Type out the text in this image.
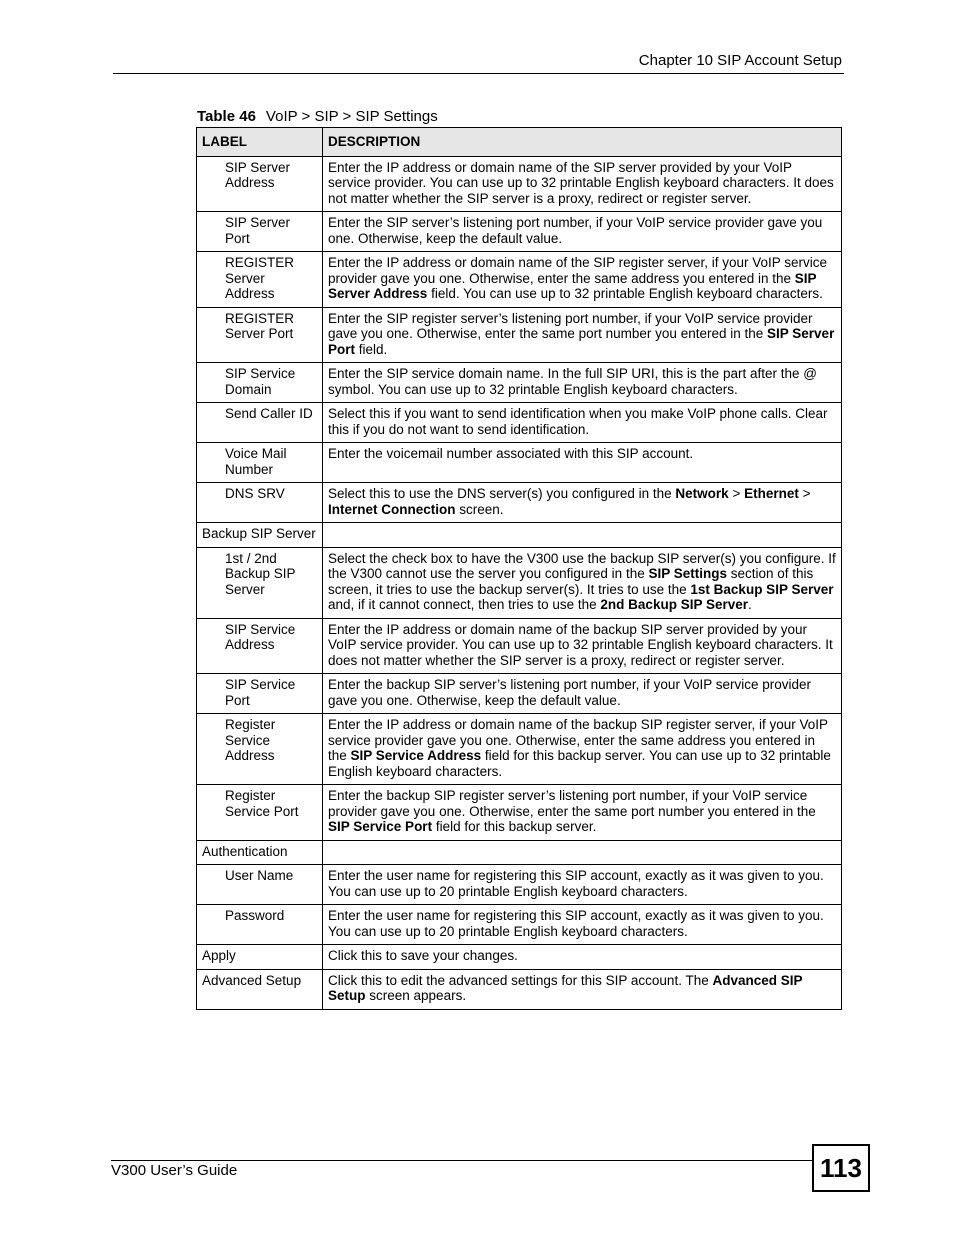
Chapter 10 SIP Account Setup
Table 46 VoIP > SIP > SIP Settings
LABEL	DESCRIPTION
SIP Server Address	Enter the IP address or domain name of the SIP server provided by your VoIP service provider. You can use up to 32 printable English keyboard characters. It does not matter whether the SIP server is a proxy, redirect or register server.
SIP Server Port	Enter the SIP server’s listening port number, if your VoIP service provider gave you one. Otherwise, keep the default value.
REGISTER Server Address	Enter the IP address or domain name of the SIP register server, if your VoIP service provider gave you one. Otherwise, enter the same address you entered in the SIP Server Address field. You can use up to 32 printable English keyboard characters.
REGISTER Server Port	Enter the SIP register server’s listening port number, if your VoIP service provider gave you one. Otherwise, enter the same port number you entered in the SIP Server Port field.
SIP Service Domain	Enter the SIP service domain name. In the full SIP URI, this is the part after the @ symbol. You can use up to 32 printable English keyboard characters.
Send Caller ID	Select this if you want to send identification when you make VoIP phone calls. Clear this if you do not want to send identification.
Voice Mail Number	Enter the voicemail number associated with this SIP account.
DNS SRV	Select this to use the DNS server(s) you configured in the Network > Ethernet > Internet Connection screen.
Backup SIP Server	
1st / 2nd Backup SIP Server	Select the check box to have the V300 use the backup SIP server(s) you configure. If the V300 cannot use the server you configured in the SIP Settings section of this screen, it tries to use the backup server(s). It tries to use the 1st Backup SIP Server and, if it cannot connect, then tries to use the 2nd Backup SIP Server.
SIP Service Address	Enter the IP address or domain name of the backup SIP server provided by your VoIP service provider. You can use up to 32 printable English keyboard characters. It does not matter whether the SIP server is a proxy, redirect or register server.
SIP Service Port	Enter the backup SIP server’s listening port number, if your VoIP service provider gave you one. Otherwise, keep the default value.
Register Service Address	Enter the IP address or domain name of the backup SIP register server, if your VoIP service provider gave you one. Otherwise, enter the same address you entered in the SIP Service Address field for this backup server. You can use up to 32 printable English keyboard characters.
Register Service Port	Enter the backup SIP register server’s listening port number, if your VoIP service provider gave you one. Otherwise, enter the same port number you entered in the SIP Service Port field for this backup server.
Authentication	
User Name	Enter the user name for registering this SIP account, exactly as it was given to you. You can use up to 20 printable English keyboard characters.
Password	Enter the user name for registering this SIP account, exactly as it was given to you. You can use up to 20 printable English keyboard characters.
Apply	Click this to save your changes.
Advanced Setup	Click this to edit the advanced settings for this SIP account. The Advanced SIP Setup screen appears.
V300 User’s Guide	113
